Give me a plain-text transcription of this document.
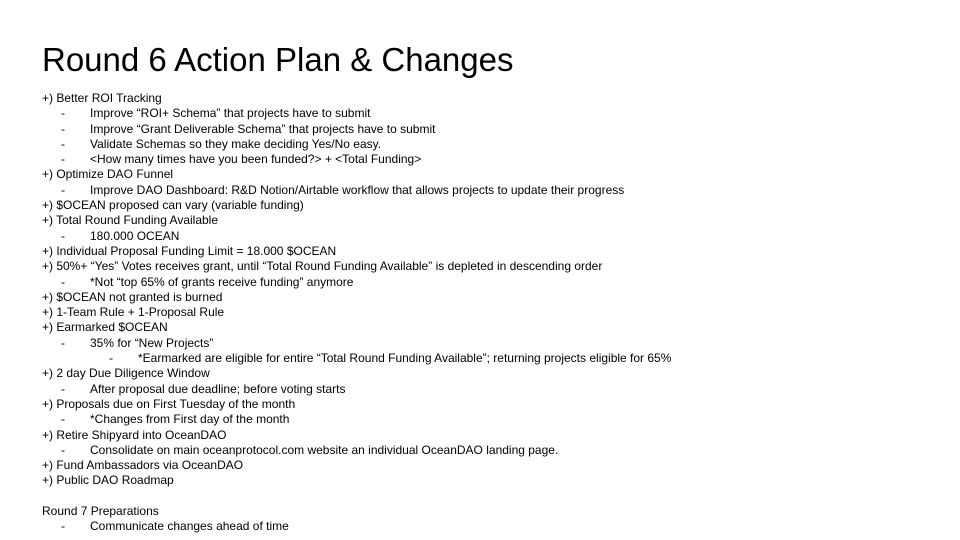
Round 6 Action Plan & Changes
+) Better ROI Tracking
- Improve “ROI+ Schema” that projects have to submit
- Improve “Grant Deliverable Schema” that projects have to submit
- Validate Schemas so they make deciding Yes/No easy.
- <How many times have you been funded?> + <Total Funding>
+) Optimize DAO Funnel
- Improve DAO Dashboard: R&D Notion/Airtable workflow that allows projects to update their progress
+) $OCEAN proposed can vary (variable funding)
+) Total Round Funding Available
- 180.000 OCEAN
+) Individual Proposal Funding Limit = 18.000 $OCEAN
+) 50%+ “Yes” Votes receives grant, until “Total Round Funding Available” is depleted in descending order
- *Not “top 65% of grants receive funding” anymore
+) $OCEAN not granted is burned
+) 1-Team Rule + 1-Proposal Rule
+) Earmarked $OCEAN
- 35% for “New Projects”
- *Earmarked are eligible for entire “Total Round Funding Available”; returning projects eligible for 65%
+) 2 day Due Diligence Window
- After proposal due deadline; before voting starts
+) Proposals due on First Tuesday of the month
- *Changes from First day of the month
+) Retire Shipyard into OceanDAO
- Consolidate on main oceanprotocol.com website an individual OceanDAO landing page.
+) Fund Ambassadors via OceanDAO
+) Public DAO Roadmap
Round 7 Preparations
- Communicate changes ahead of time
